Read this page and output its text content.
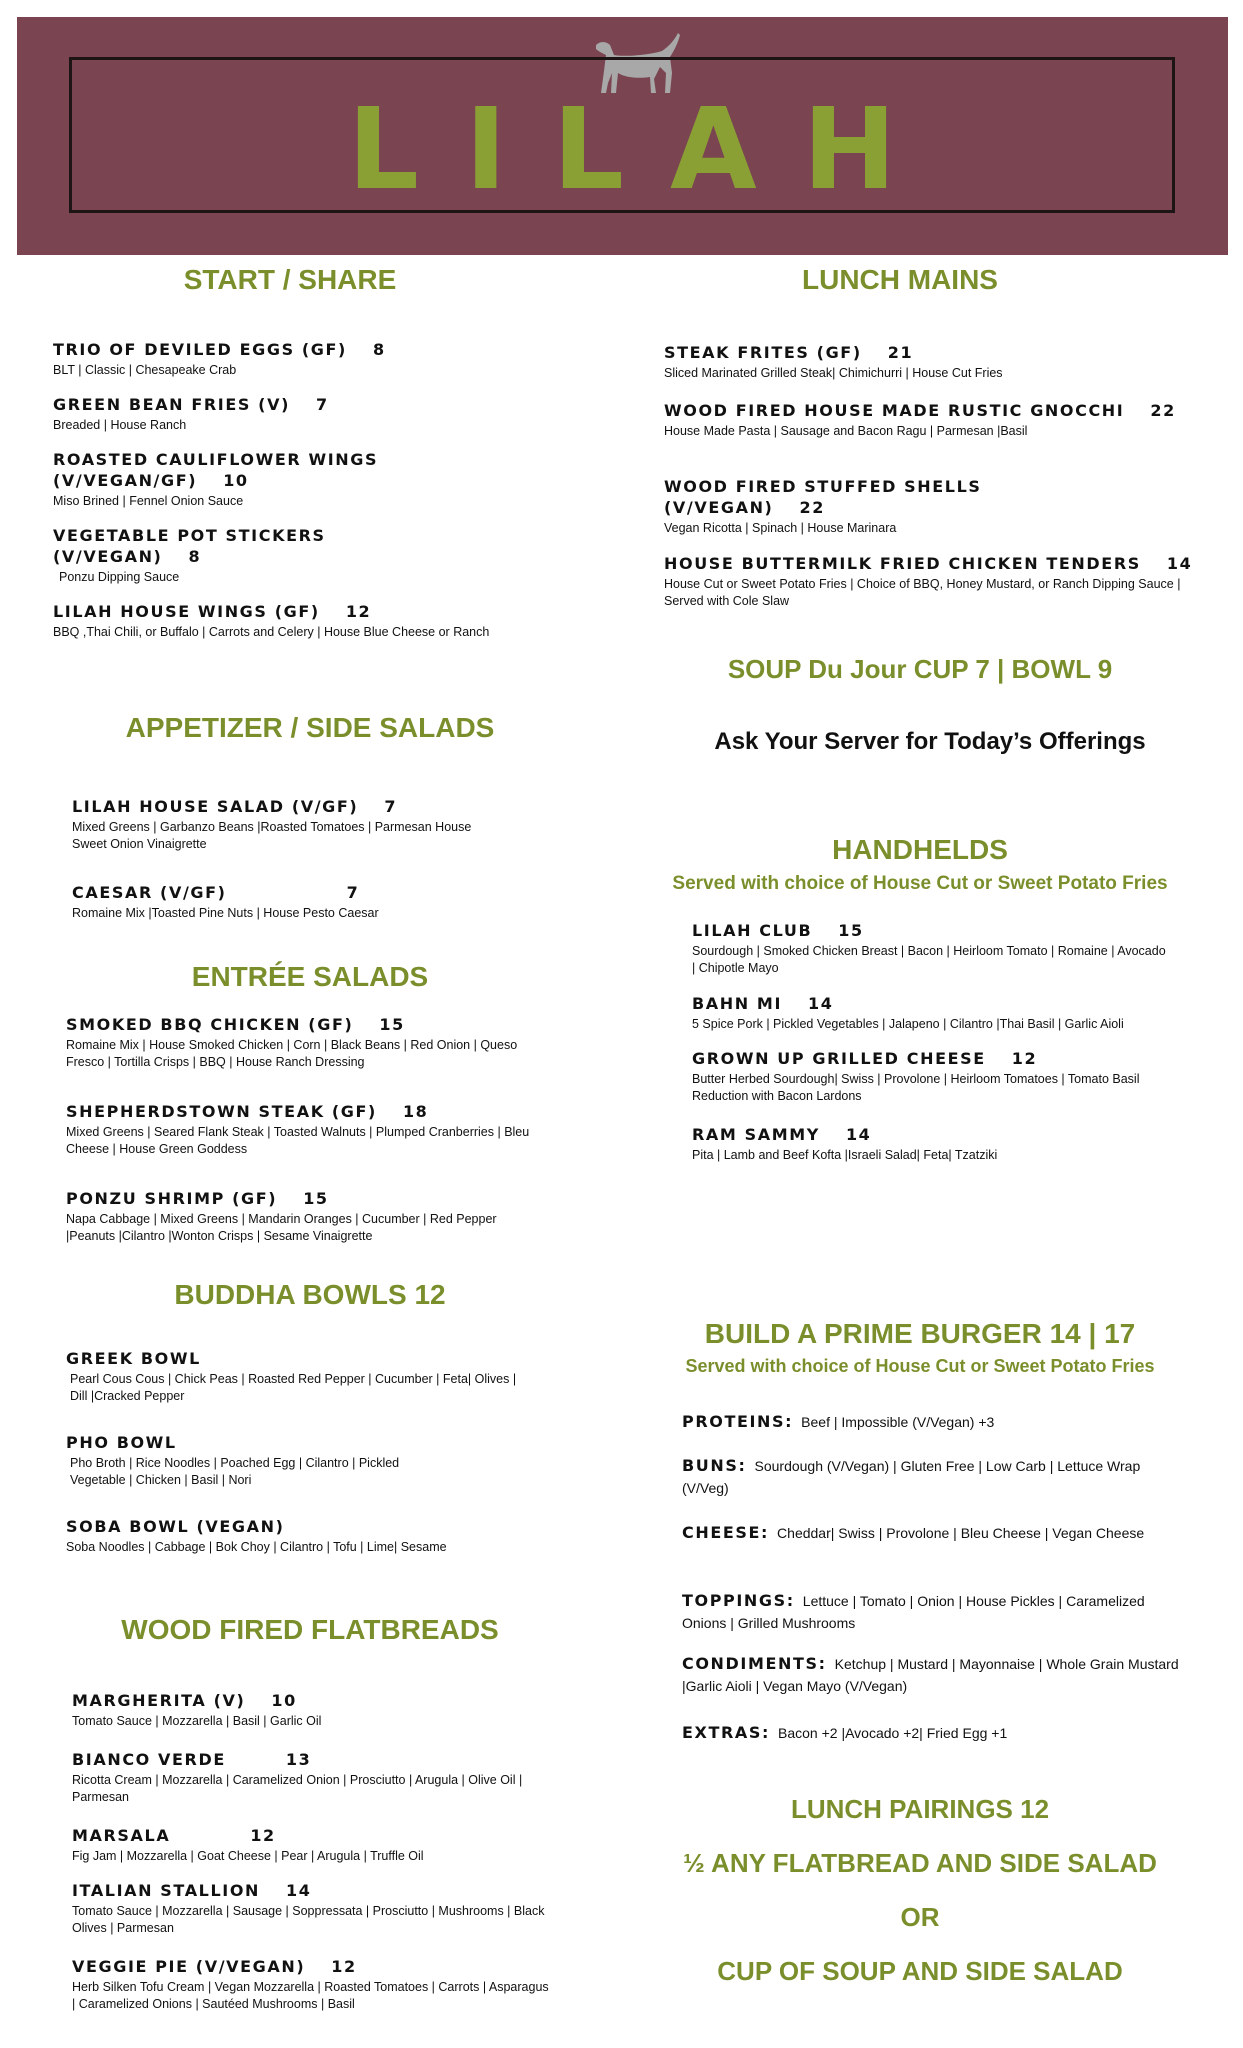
LILAH
START / SHARE
TRIO OF DEVILED EGGS (GF) 8
BLT | Classic | Chesapeake Crab
GREEN BEAN FRIES (V) 7
Breaded | House Ranch
ROASTED CAULIFLOWER WINGS (V/VEGAN/GF) 10
Miso Brined | Fennel Onion Sauce
VEGETABLE POT STICKERS (V/VEGAN) 8
Ponzu Dipping Sauce
LILAH HOUSE WINGS (GF) 12
BBQ ,Thai Chili, or Buffalo | Carrots and Celery | House Blue Cheese or Ranch
LUNCH MAINS
STEAK FRITES (GF) 21
Sliced Marinated Grilled Steak| Chimichurri | House Cut Fries
WOOD FIRED HOUSE MADE RUSTIC GNOCCHI 22
House Made Pasta | Sausage and Bacon Ragu | Parmesan |Basil
WOOD FIRED STUFFED SHELLS (V/VEGAN) 22
Vegan Ricotta | Spinach | House Marinara
HOUSE BUTTERMILK FRIED CHICKEN TENDERS 14
House Cut or Sweet Potato Fries | Choice of BBQ, Honey Mustard, or Ranch Dipping Sauce | Served with Cole Slaw
SOUP Du Jour CUP 7 | BOWL 9
Ask Your Server for Today’s Offerings
APPETIZER / SIDE SALADS
LILAH HOUSE SALAD (V/GF) 7
Mixed Greens | Garbanzo Beans |Roasted Tomatoes | Parmesan House Sweet Onion Vinaigrette
CAESAR (V/GF)	7
Romaine Mix |Toasted Pine Nuts | House Pesto Caesar
ENTRÉE SALADS
SMOKED BBQ CHICKEN (GF) 15
Romaine Mix | House Smoked Chicken | Corn | Black Beans | Red Onion | Queso Fresco | Tortilla Crisps | BBQ | House Ranch Dressing
SHEPHERDSTOWN STEAK (GF) 18
Mixed Greens | Seared Flank Steak | Toasted Walnuts | Plumped Cranberries | Bleu Cheese | House Green Goddess
PONZU SHRIMP (GF) 15
Napa Cabbage | Mixed Greens | Mandarin Oranges | Cucumber | Red Pepper |Peanuts |Cilantro |Wonton Crisps | Sesame Vinaigrette
HANDHELDS
Served with choice of House Cut or Sweet Potato Fries
LILAH CLUB 15
Sourdough | Smoked Chicken Breast | Bacon | Heirloom Tomato | Romaine | Avocado | Chipotle Mayo
BAHN MI 14
5 Spice Pork | Pickled Vegetables | Jalapeno | Cilantro |Thai Basil | Garlic Aioli
GROWN UP GRILLED CHEESE 12
Butter Herbed Sourdough| Swiss | Provolone | Heirloom Tomatoes | Tomato Basil Reduction with Bacon Lardons
RAM SAMMY 14
Pita | Lamb and Beef Kofta |Israeli Salad| Feta| Tzatziki
BUDDHA BOWLS 12
GREEK BOWL
Pearl Cous Cous | Chick Peas | Roasted Red Pepper | Cucumber | Feta| Olives | Dill |Cracked Pepper
PHO BOWL
Pho Broth | Rice Noodles | Poached Egg | Cilantro | Pickled Vegetable | Chicken | Basil | Nori
SOBA BOWL (VEGAN)
Soba Noodles | Cabbage | Bok Choy | Cilantro | Tofu | Lime| Sesame
BUILD A PRIME BURGER 14 | 17
Served with choice of House Cut or Sweet Potato Fries
PROTEINS: Beef | Impossible (V/Vegan) +3
BUNS: Sourdough (V/Vegan) | Gluten Free | Low Carb | Lettuce Wrap (V/Veg)
CHEESE: Cheddar| Swiss | Provolone | Bleu Cheese | Vegan Cheese
TOPPINGS: Lettuce | Tomato | Onion | House Pickles | Caramelized Onions | Grilled Mushrooms
CONDIMENTS: Ketchup | Mustard | Mayonnaise | Whole Grain Mustard |Garlic Aioli | Vegan Mayo (V/Vegan)
EXTRAS: Bacon +2 |Avocado +2| Fried Egg +1
WOOD FIRED FLATBREADS
MARGHERITA (V) 10
Tomato Sauce | Mozzarella | Basil | Garlic Oil
BIANCO VERDE	13
Ricotta Cream | Mozzarella | Caramelized Onion | Prosciutto | Arugula | Olive Oil | Parmesan
MARSALA	12
Fig Jam | Mozzarella | Goat Cheese | Pear | Arugula | Truffle Oil
ITALIAN STALLION 14
Tomato Sauce | Mozzarella | Sausage | Soppressata | Prosciutto | Mushrooms | Black Olives | Parmesan
VEGGIE PIE (V/VEGAN) 12
Herb Silken Tofu Cream | Vegan Mozzarella | Roasted Tomatoes | Carrots | Asparagus | Caramelized Onions | Sautéed Mushrooms | Basil
LUNCH PAIRINGS 12
½ ANY FLATBREAD AND SIDE SALAD
OR
CUP OF SOUP AND SIDE SALAD
